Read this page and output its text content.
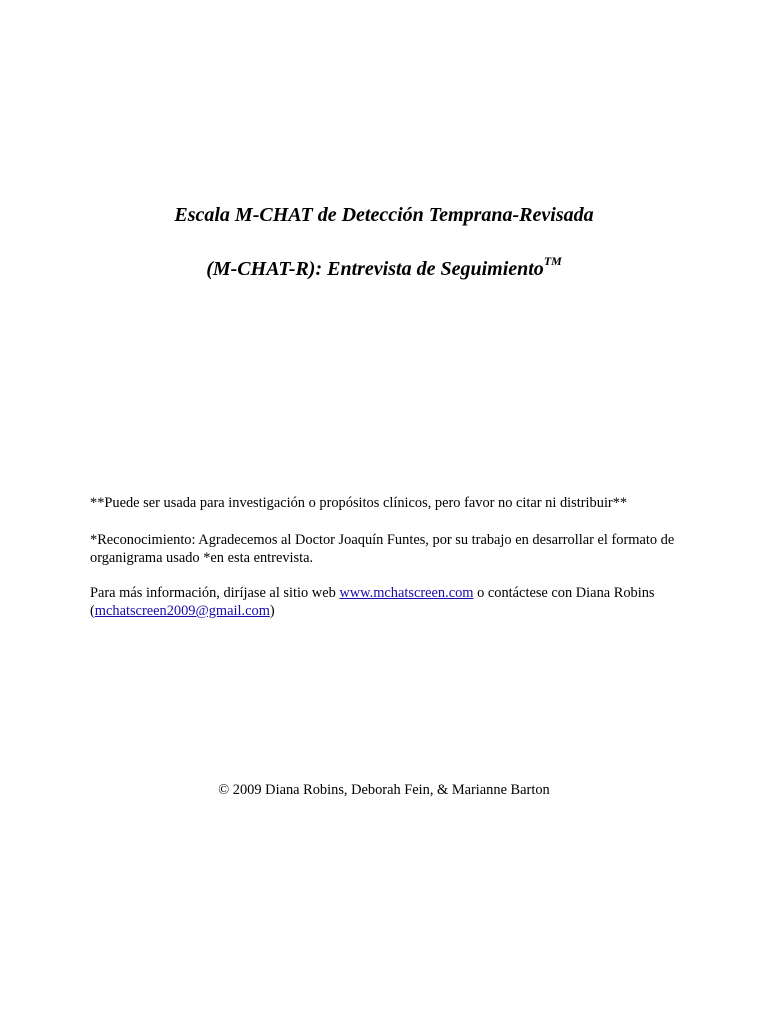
Escala M-CHAT de Detección Temprana-Revisada
(M-CHAT-R): Entrevista de Seguimiento™
**Puede ser usada para investigación o propósitos clínicos, pero favor no citar ni distribuir**
*Reconocimiento: Agradecemos al Doctor Joaquín Funtes, por su trabajo en desarrollar el formato de organigrama usado *en esta entrevista.
Para más información, diríjase al sitio web www.mchatscreen.com o contáctese con Diana Robins (mchatscreen2009@gmail.com)
© 2009 Diana Robins, Deborah Fein, & Marianne Barton
